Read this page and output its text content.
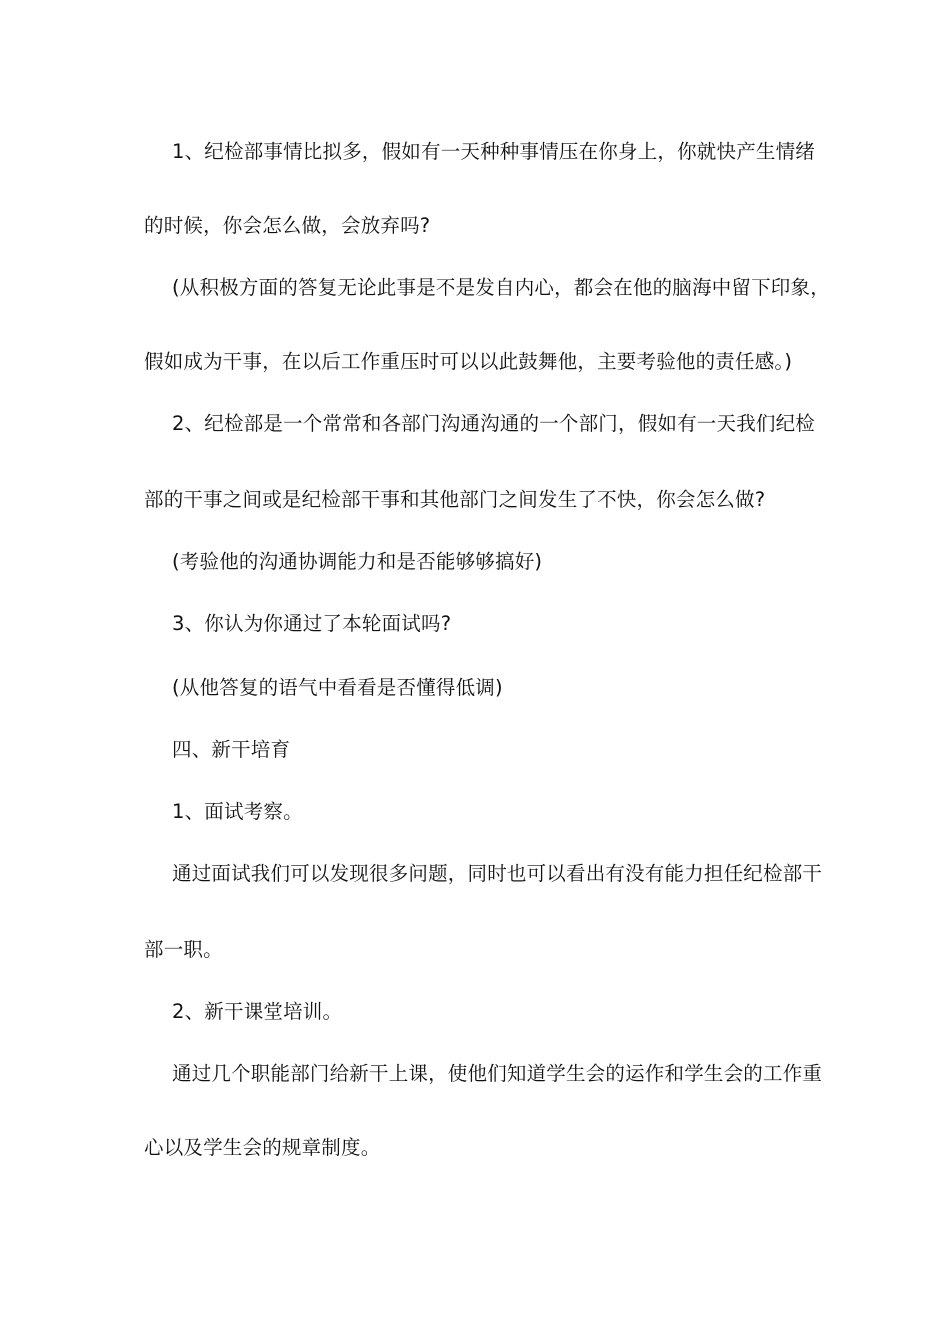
1、纪检部事情比拟多，假如有一天种种事情压在你身上，你就快产生情绪

的时候，你会怎么做，会放弃吗?

(从积极方面的答复无论此事是不是发自内心，都会在他的脑海中留下印象，

假如成为干事，在以后工作重压时可以以此鼓舞他，主要考验他的责任感。)

2、纪检部是一个常常和各部门沟通沟通的一个部门，假如有一天我们纪检

部的干事之间或是纪检部干事和其他部门之间发生了不快，你会怎么做?

(考验他的沟通协调能力和是否能够够搞好)

3、你认为你通过了本轮面试吗?

(从他答复的语气中看看是否懂得低调)

四、新干培育

1、面试考察。

通过面试我们可以发现很多问题，同时也可以看出有没有能力担任纪检部干

部一职。

2、新干课堂培训。

通过几个职能部门给新干上课，使他们知道学生会的运作和学生会的工作重

心以及学生会的规章制度。
